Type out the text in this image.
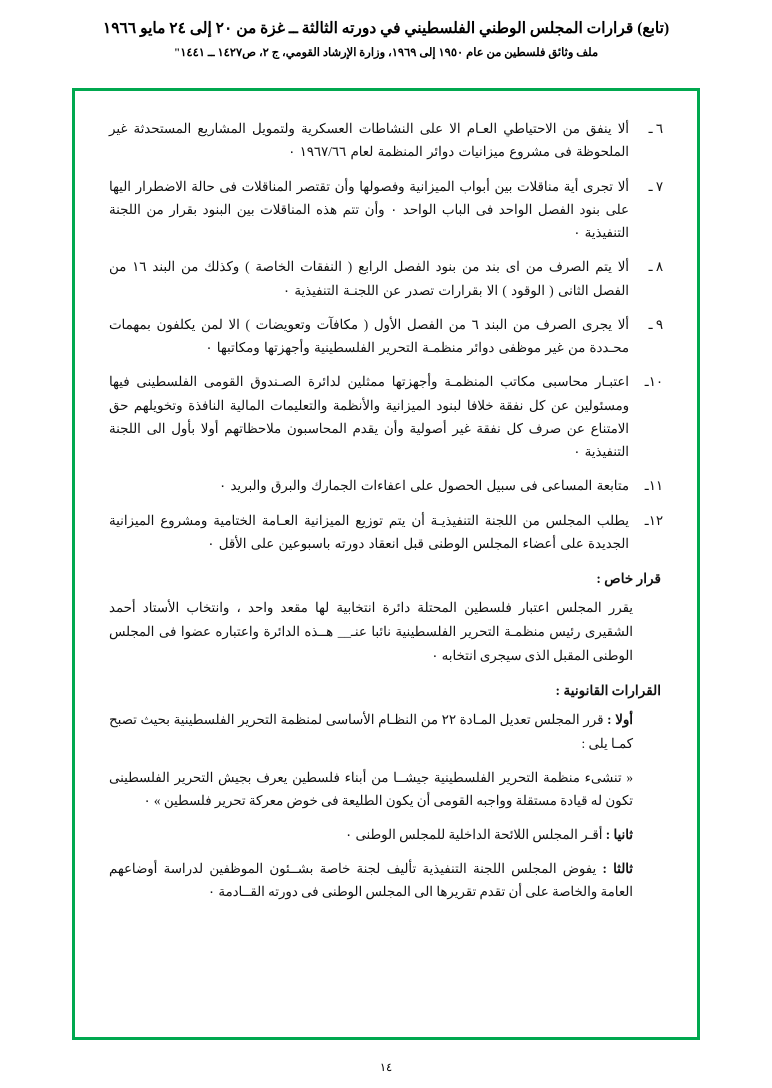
(تابع) قرارات المجلس الوطني الفلسطيني في دورته الثالثة ــ غزة من ٢٠ إلى ٢٤ مايو ١٩٦٦
ملف وثائق فلسطين من عام ١٩٥٠ إلى ١٩٦٩، وزارة الإرشاد القومي، ج ٢، ص١٤٢٧ ــ ١٤٤١"
٦ ـ
ألا ينفق من الاحتياطي العـام الا على النشاطات العسكرية ولتمويل المشاريع المستحدثة غير الملحوظة فى مشروع ميزانيات دوائر المنظمة لعام ١٩٦٧/٦٦ ٠
٧ ـ
ألا تجرى أية مناقلات بين أبواب الميزانية وفصولها وأن تقتصر المناقلات فى حالة الاضطرار اليها على بنود الفصل الواحد فى الباب الواحد ٠ وأن تتم هذه المناقلات بين البنود بقرار من اللجنة التنفيذية ٠
٨ ـ
ألا يتم الصرف من اى بند من بنود الفصل الرابع ( النفقات الخاصة ) وكذلك من البند ١٦ من الفصل الثانى ( الوقود ) الا بقرارات تصدر عن اللجنـة التنفيذية ٠
٩ ـ
ألا يجرى الصرف من البند ٦ من الفصل الأول ( مكافآت وتعويضات ) الا لمن يكلفون بمهمات محـددة من غير موظفى دوائر منظمـة التحرير الفلسطينية وأجهزتها ومكاتبها ٠
١٠ـ
اعتبـار محاسبى مكاتب المنظمـة وأجهزتها ممثلين لدائرة الصـندوق القومى الفلسطينى فيها ومسئولين عن كل نفقة خلافا لبنود الميزانية والأنظمة والتعليمات المالية النافذة وتخويلهم حق الامتناع عن صرف كل نفقة غير أصولية وأن يقدم المحاسبون ملاحظاتهم أولا بأول الى اللجنة التنفيذية ٠
١١ـ
متابعة المساعى فى سبيل الحصول على اعفاءات الجمارك والبرق والبريد ٠
١٢ـ
يطلب المجلس من اللجنة التنفيذيـة أن يتم توزيع الميزانية العـامة الختامية ومشروع الميزانية الجديدة على أعضاء المجلس الوطنى قبل انعقاد دورته باسبوعين على الأقل ٠
قرار خاص :
يقرر المجلس اعتبار فلسطين المحتلة دائرة انتخابية لها مقعد واحد ، وانتخاب الأستاد أحمد الشقيرى رئيس منظمـة التحرير الفلسطينية نائبا عنـ__ هــذه الدائرة واعتباره عضوا فى المجلس الوطنى المقبل الذى سيجرى انتخابه ٠
القرارات القانونية :
أولا : قرر المجلس تعديل المـادة ٢٢ من النظـام الأساسى لمنظمة التحرير الفلسطينية بحيث تصبح كمـا يلى :
« تنشىء منظمة التحرير الفلسطينية جيشــا من أبناء فلسطين يعرف بجيش التحرير الفلسطينى تكون له قيادة مستقلة وواجبه القومى أن يكون الطليعة فى خوض معركة تحرير فلسطين » ٠
ثانيا : أقـر المجلس اللائحة الداخلية للمجلس الوطنى ٠
ثالثا : يفوض المجلس اللجنة التنفيذية تأليف لجنة خاصة بشــئون الموظفين لدراسة أوضاعهم العامة والخاصة على أن تقدم تقريرها الى المجلس الوطنى فى دورته القــادمة ٠
١٤
